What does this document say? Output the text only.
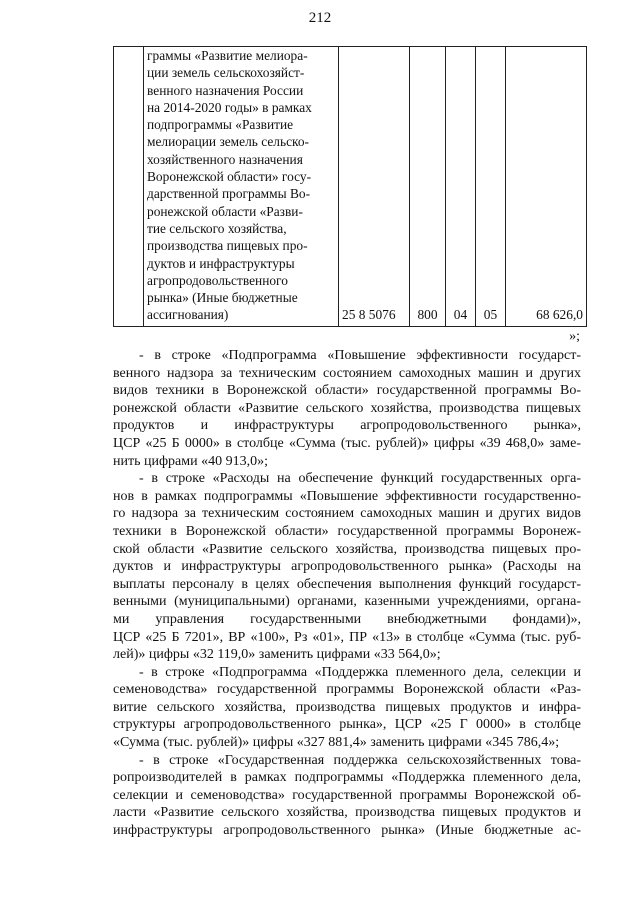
212

граммы «Развитие мелиора-
ции земель сельскохозяйст-
венного назначения России
на 2014-2020 годы» в рамках
подпрограммы «Развитие
мелиорации земель сельско-
хозяйственного назначения
Воронежской области» госу-
дарственной программы Во-
ронежской области «Разви-
тие сельского хозяйства,
производства пищевых про-
дуктов и инфраструктуры
агропродовольственного
рынка» (Иные бюджетные
ассигнования)	25 8 5076	800	04	05	68 626,0
»;
- в строке «Подпрограмма «Повышение эффективности государст-
венного надзора за техническим состоянием самоходных машин и других
видов техники в Воронежской области» государственной программы Во-
ронежской области «Развитие сельского хозяйства, производства пищевых
продуктов и инфраструктуры агропродовольственного рынка»,
ЦСР «25 Б 0000» в столбце «Сумма (тыс. рублей)» цифры «39 468,0» заме-
нить цифрами «40 913,0»;
- в строке «Расходы на обеспечение функций государственных орга-
нов в рамках подпрограммы «Повышение эффективности государственно-
го надзора за техническим состоянием самоходных машин и других видов
техники в Воронежской области» государственной программы Воронеж-
ской области «Развитие сельского хозяйства, производства пищевых про-
дуктов и инфраструктуры агропродовольственного рынка» (Расходы на
выплаты персоналу в целях обеспечения выполнения функций государст-
венными (муниципальными) органами, казенными учреждениями, органа-
ми управления государственными внебюджетными фондами)»,
ЦСР «25 Б 7201», ВР «100», Рз «01», ПР «13» в столбце «Сумма (тыс. руб-
лей)» цифры «32 119,0» заменить цифрами «33 564,0»;
- в строке «Подпрограмма «Поддержка племенного дела, селекции и
семеноводства» государственной программы Воронежской области «Раз-
витие сельского хозяйства, производства пищевых продуктов и инфра-
структуры агропродовольственного рынка», ЦСР «25 Г 0000» в столбце
«Сумма (тыс. рублей)» цифры «327 881,4» заменить цифрами «345 786,4»;
- в строке «Государственная поддержка сельскохозяйственных това-
ропроизводителей в рамках подпрограммы «Поддержка племенного дела,
селекции и семеноводства» государственной программы Воронежской об-
ласти «Развитие сельского хозяйства, производства пищевых продуктов и
инфраструктуры агропродовольственного рынка» (Иные бюджетные ас-
